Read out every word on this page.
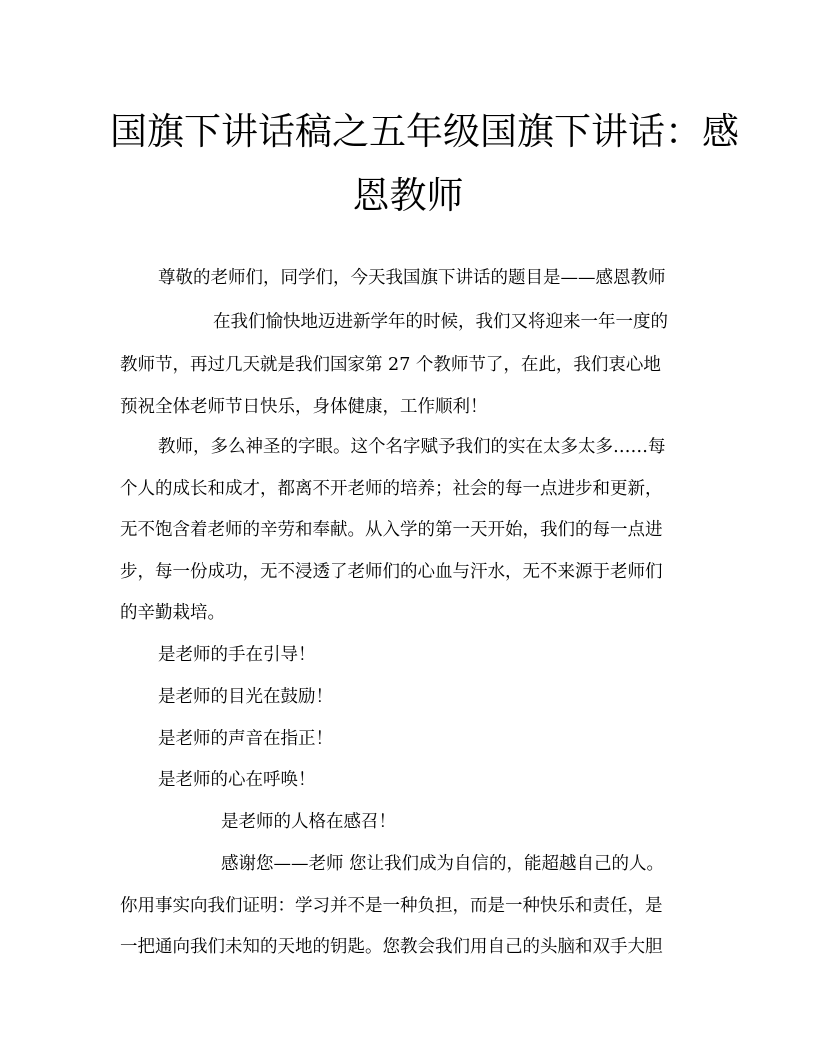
国旗下讲话稿之五年级国旗下讲话：感
恩教师
尊敬的老师们，同学们，今天我国旗下讲话的题目是——感恩教师
在我们愉快地迈进新学年的时候，我们又将迎来一年一度的
教师节，再过几天就是我们国家第 27 个教师节了，在此，我们衷心地
预祝全体老师节日快乐，身体健康，工作顺利！
教师，多么神圣的字眼。这个名字赋予我们的实在太多太多……每
个人的成长和成才，都离不开老师的培养；社会的每一点进步和更新，
无不饱含着老师的辛劳和奉献。从入学的第一天开始，我们的每一点进
步，每一份成功，无不浸透了老师们的心血与汗水，无不来源于老师们
的辛勤栽培。
是老师的手在引导！
是老师的目光在鼓励！
是老师的声音在指正！
是老师的心在呼唤！
是老师的人格在感召！
感谢您——老师 您让我们成为自信的，能超越自己的人。
你用事实向我们证明：学习并不是一种负担，而是一种快乐和责任，是
一把通向我们未知的天地的钥匙。您教会我们用自己的头脑和双手大胆
